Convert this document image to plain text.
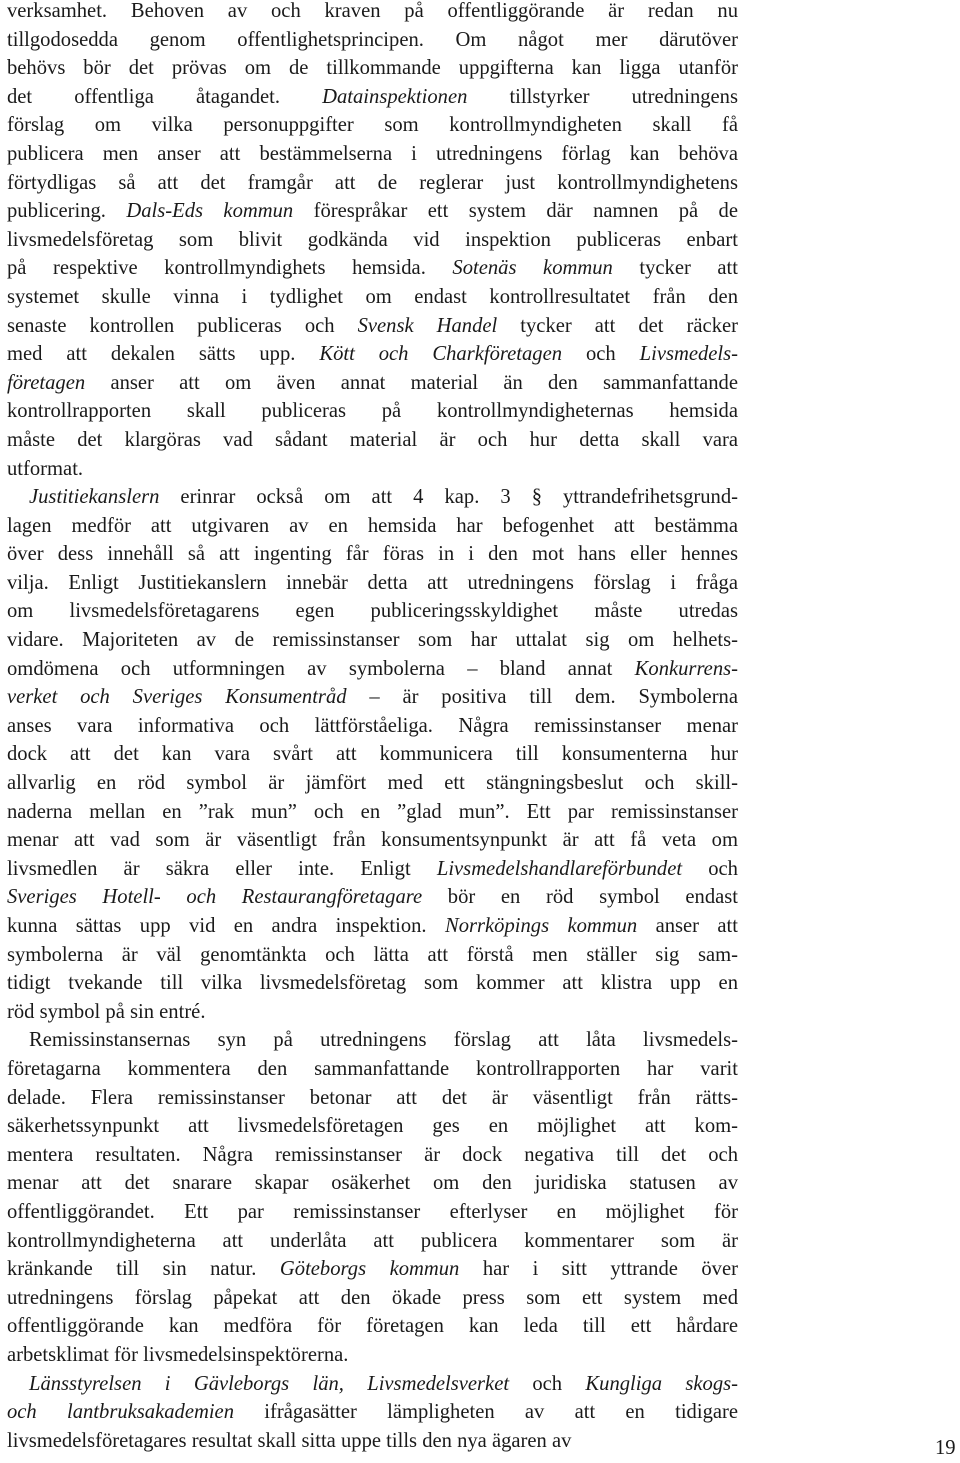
verksamhet. Behoven av och kraven på offentliggörande är redan nu
tillgodosedda genom offentlighetsprincipen. Om något mer därutöver
behövs bör det prövas om de tillkommande uppgifterna kan ligga utanför
det offentliga åtagandet. Datainspektionen tillstyrker utredningens
förslag om vilka personuppgifter som kontrollmyndigheten skall få
publicera men anser att bestämmelserna i utredningens förlag kan behöva
förtydligas så att det framgår att de reglerar just kontrollmyndighetens
publicering. Dals-Eds kommun förespråkar ett system där namnen på de
livsmedelsföretag som blivit godkända vid inspektion publiceras enbart
på respektive kontrollmyndighets hemsida. Sotenäs kommun tycker att
systemet skulle vinna i tydlighet om endast kontrollresultatet från den
senaste kontrollen publiceras och Svensk Handel tycker att det räcker
med att dekalen sätts upp. Kött och Charkföretagen och Livsmedels-
företagen anser att om även annat material än den sammanfattande
kontrollrapporten skall publiceras på kontrollmyndigheternas hemsida
måste det klargöras vad sådant material är och hur detta skall vara
utformat.
Justitiekanslern erinrar också om att 4 kap. 3 § yttrandefrihetsgrund-
lagen medför att utgivaren av en hemsida har befogenhet att bestämma
över dess innehåll så att ingenting får föras in i den mot hans eller hennes
vilja. Enligt Justitiekanslern innebär detta att utredningens förslag i fråga
om livsmedelsföretagarens egen publiceringsskyldighet måste utredas
vidare. Majoriteten av de remissinstanser som har uttalat sig om helhets-
omdömena och utformningen av symbolerna – bland annat Konkurrens-
verket och Sveriges Konsumentråd – är positiva till dem. Symbolerna
anses vara informativa och lättförståeliga. Några remissinstanser menar
dock att det kan vara svårt att kommunicera till konsumenterna hur
allvarlig en röd symbol är jämfört med ett stängningsbeslut och skill-
naderna mellan en ”rak mun” och en ”glad mun”. Ett par remissinstanser
menar att vad som är väsentligt från konsumentsynpunkt är att få veta om
livsmedlen är säkra eller inte. Enligt Livsmedelshandlareförbundet och
Sveriges Hotell- och Restaurangföretagare bör en röd symbol endast
kunna sättas upp vid en andra inspektion. Norrköpings kommun anser att
symbolerna är väl genomtänkta och lätta att förstå men ställer sig sam-
tidigt tvekande till vilka livsmedelsföretag som kommer att klistra upp en
röd symbol på sin entré.
Remissinstansernas syn på utredningens förslag att låta livsmedels-
företagarna kommentera den sammanfattande kontrollrapporten har varit
delade. Flera remissinstanser betonar att det är väsentligt från rätts-
säkerhetssynpunkt att livsmedelsföretagen ges en möjlighet att kom-
mentera resultaten. Några remissinstanser är dock negativa till det och
menar att det snarare skapar osäkerhet om den juridiska statusen av
offentliggörandet. Ett par remissinstanser efterlyser en möjlighet för
kontrollmyndigheterna att underlåta att publicera kommentarer som är
kränkande till sin natur. Göteborgs kommun har i sitt yttrande över
utredningens förslag påpekat att den ökade press som ett system med
offentliggörande kan medföra för företagen kan leda till ett hårdare
arbetsklimat för livsmedelsinspektörerna.
Länsstyrelsen i Gävleborgs län, Livsmedelsverket och Kungliga skogs-
och lantbruksakademien ifrågasätter lämpligheten av att en tidigare
livsmedelsföretagares resultat skall sitta uppe tills den nya ägaren av	19
